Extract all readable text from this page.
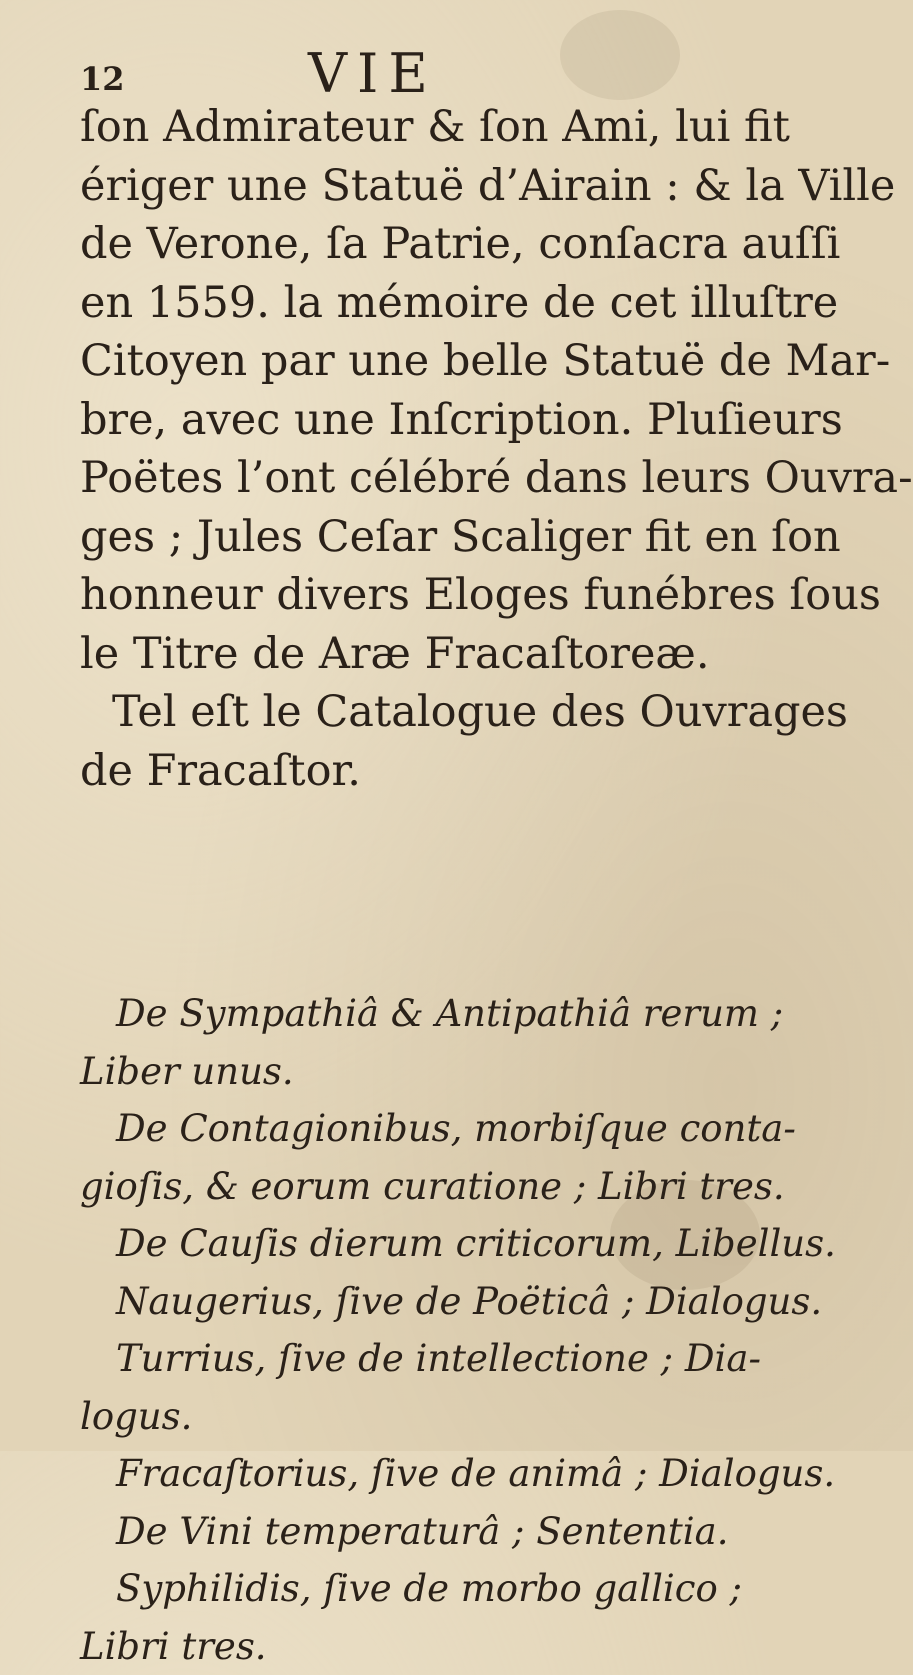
12	VIE
ſon Admirateur & ſon Ami, lui fit
ériger une Statuë d’Airain : & la Ville
de Verone, ſa Patrie, conſacra auſſi
en 1559. la mémoire de cet illuſtre
Citoyen par une belle Statuë de Mar-
bre, avec une Inſcription. Pluſieurs
Poëtes l’ont célébré dans leurs Ouvra-
ges ; Jules Ceſar Scaliger fit en ſon
honneur divers Eloges funébres ſous
le Titre de Aræ Fracaſtoreæ.
Tel eſt le Catalogue des Ouvrages
de Fracaſtor.
De Sympathiâ & Antipathiâ rerum ;
Liber unus.
De Contagionibus, morbiſque conta-
gioſis, & eorum curatione ; Libri tres.
De Cauſis dierum criticorum, Libellus.
Naugerius, ſive de Poëticâ ; Dialogus.
Turrius, ſive de intellectione ; Dia-
logus.
Fracaſtorius, ſive de animâ ; Dialogus.
De Vini temperaturâ ; Sententia.
Syphilidis, ſive de morbo gallico ;
Libri tres.
